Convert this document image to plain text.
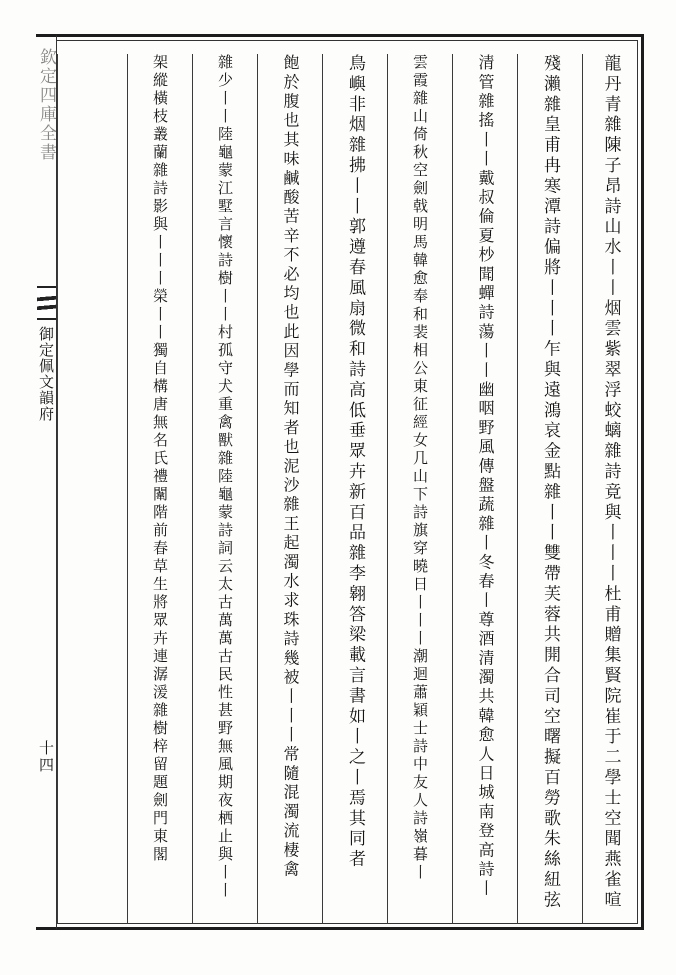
欽定四庫全書
御定佩文韻府
十四	龍丹青雜陳子昂詩山水丨丨烟雲紫翠浮蛟螭雜詩竟與丨丨丨杜甫贈集賢院崔于二學士空聞燕雀喧
殘瀨雜皇甫冉寒潭詩偏將丨丨丨乍與遠鴻哀金點雜丨丨雙帶芙蓉共開合司空曙擬百勞歌朱絲紐弦
清管雜搖丨丨戴叔倫夏杪聞蟬詩蕩丨丨幽咽野風傳盤蔬雜丨冬春丨尊酒清濁共韓愈人日城南登高詩丨
雲霞雜山倚秋空劍戟明馬韓愈奉和裴相公東征經女几山下詩旗穿曉日丨丨丨潮迴蕭穎士詩中友人詩嶺暮丨
鳥嶼非烟雜拂丨丨郭遵春風扇微和詩高低垂眾卉新百品雜李翱答梁載言書如丨之丨焉其同者
飽於腹也其味鹹酸苦辛不必均也此因學而知者也泥沙雜王起濁水求珠詩幾被丨丨丨常隨混濁流棲禽
雜少丨丨陸龜蒙江墅言懷詩樹丨丨村孤守犬重禽獸雜陸龜蒙詩詞云太古萬萬古民性甚野無風期夜栖止與丨丨
架縱橫枝叢蘭雜詩影與丨丨丨榮丨丨獨自構唐無名氏禮闈階前春草生將眾卉連潺湲雜樹梓留題劍門東閣
